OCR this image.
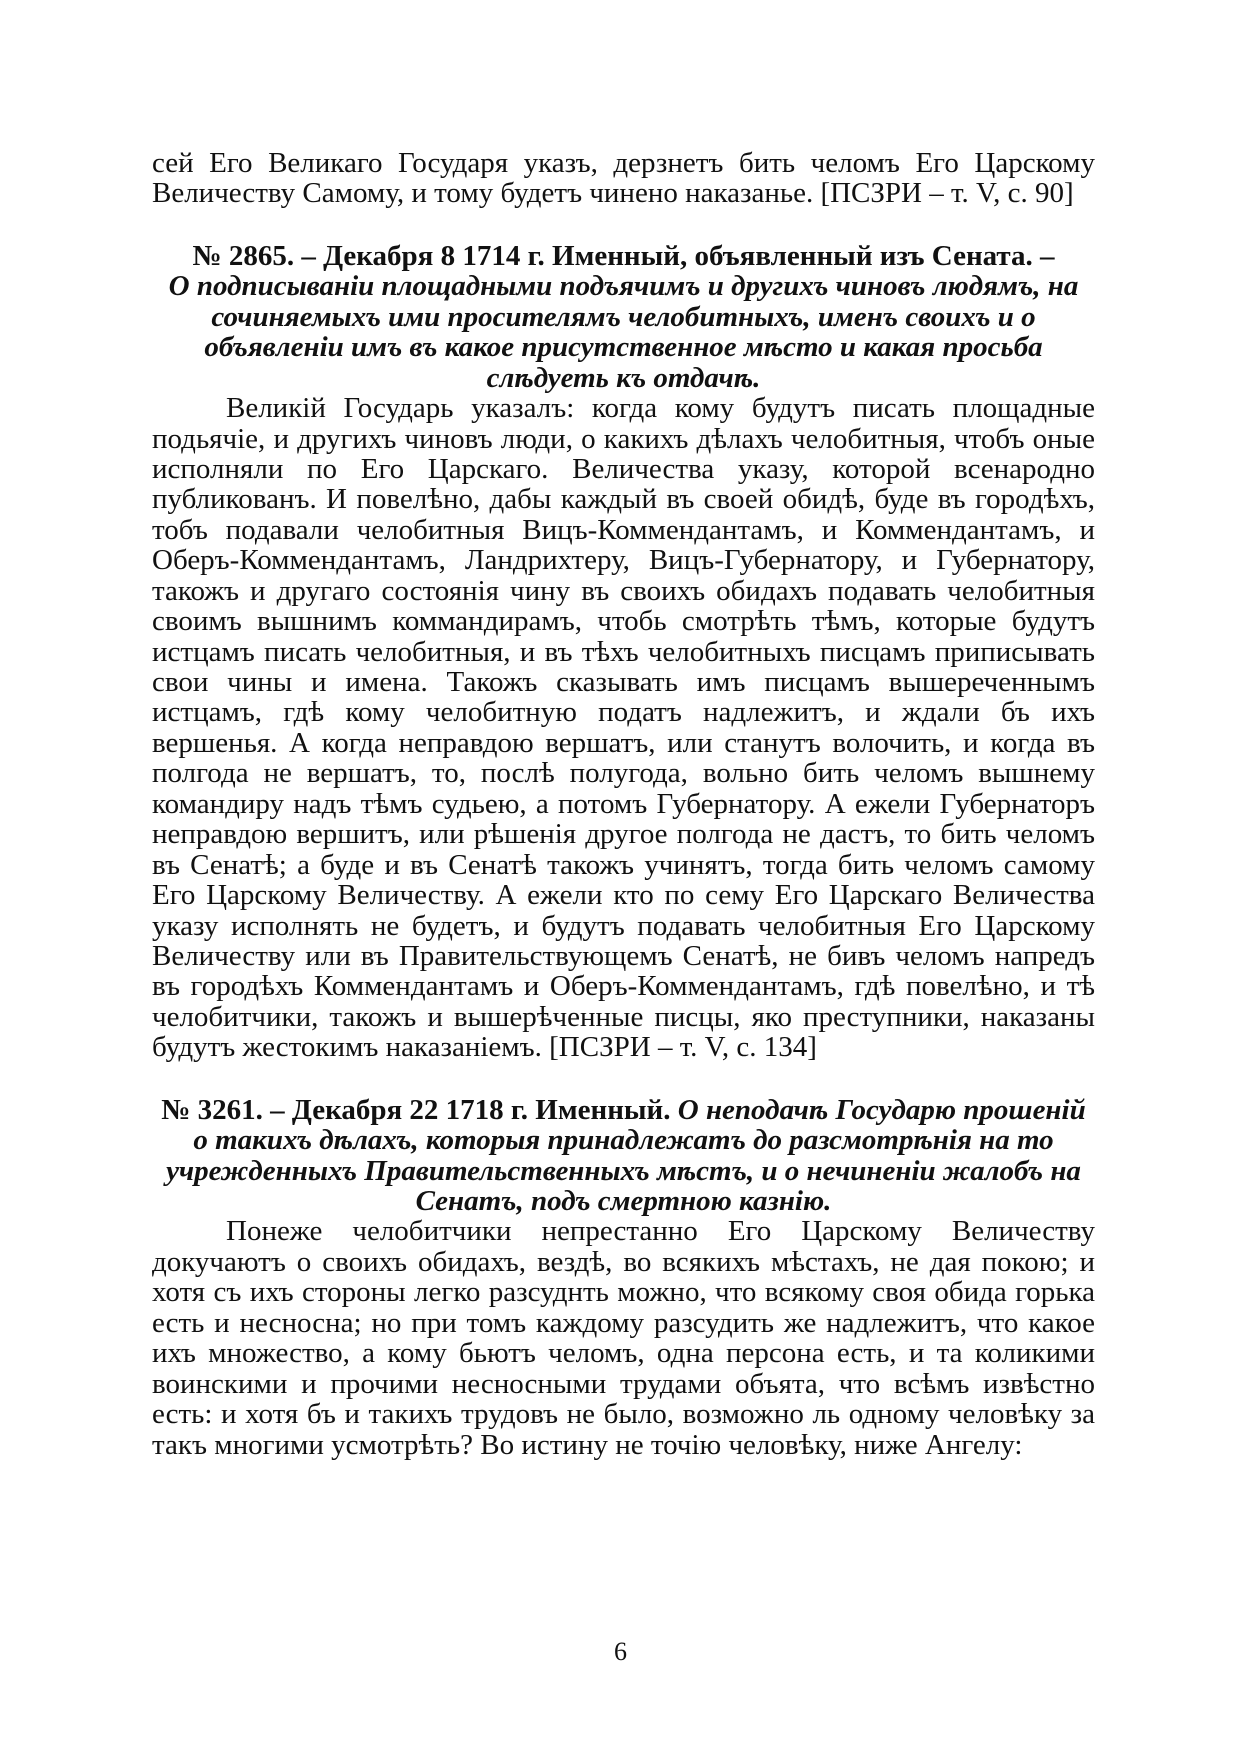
сей Его Великаго Государя указъ, дерзнетъ бить челомъ Его Царскому Величеству Самому, и тому будетъ чинено наказанье. [ПСЗРИ – т. V, с. 90]

№ 2865. – Декабря 8 1714 г. Именный, объявленный изъ Сената. –
О подписываніи площадными подъячимъ и другихъ чиновъ людямъ, на сочиняемыхъ ими просителямъ челобитныхъ, именъ своихъ и о объявленіи имъ въ какое присутственное мѣсто и какая просьба слѣдуеть къ отдачѣ.

Великій Государь указалъ: когда кому будутъ писать площадные подьячіе, и другихъ чиновъ люди, о какихъ дѣлахъ челобитныя, чтобъ оные исполняли по Его Царскаго. Величества указу, которой всенародно публикованъ. И повелѣно, дабы каждый въ своей обидѣ, буде въ городѣхъ, тобъ подавали челобитныя Вицъ-Коммендантамъ, и Коммендантамъ, и Оберъ-Коммендантамъ, Ландрихтеру, Вицъ-Губернатору, и Губернатору, такожъ и другаго состоянія чину въ своихъ обидахъ подавать челобитныя своимъ вышнимъ коммандирамъ, чтобь смотрѣть тѣмъ, которые будутъ истцамъ писать челобитныя, и въ тѣхъ челобитныхъ писцамъ приписывать свои чины и имена. Такожъ сказывать имъ писцамъ вышереченнымъ истцамъ, гдѣ кому челобитную податъ надлежитъ, и ждали бъ ихъ вершенья. А когда неправдою вершатъ, или станутъ волочить, и когда въ полгода не вершатъ, то, послѣ полугода, вольно бить челомъ вышнему командиру надъ тѣмъ судьею, а потомъ Губернатору. А ежели Губернаторъ неправдою вершитъ, или рѣшенія другое полгода не дастъ, то бить челомъ въ Сенатѣ; а буде и въ Сенатѣ такожъ учинятъ, тогда бить челомъ самому Его Царскому Величеству. А ежели кто по сему Его Царскаго Величества указу исполнять не будетъ, и будутъ подавать челобитныя Его Царскому Величеству или въ Правительствующемъ Сенатѣ, не бивъ челомъ напредъ въ городѣхъ Коммендантамъ и Оберъ-Коммендантамъ, гдѣ повелѣно, и тѣ челобитчики, такожъ и вышерѣченные писцы, яко преступники, наказаны будутъ жестокимъ наказаніемъ. [ПСЗРИ – т. V, с. 134]

№ 3261. – Декабря 22 1718 г. Именный. О неподачѣ Государю прошеній о такихъ дѣлахъ, которыя принадлежатъ до разсмотрѣнія на то учрежденныхъ Правительственныхъ мѣстъ, и о нечиненіи жалобъ на Сенатъ, подъ смертною казнію.

Понеже челобитчики непрестанно Его Царскому Величеству докучаютъ о своихъ обидахъ, вездѣ, во всякихъ мѣстахъ, не дая покою; и хотя съ ихъ стороны легко разсуднть можно, что всякому своя обида горька есть и несносна; но при томъ каждому разсудить же надлежитъ, что какое ихъ множество, а кому бьютъ челомъ, одна персона есть, и та коликими воинскими и прочими несносными трудами объята, что всѣмъ извѣстно есть: и хотя бъ и такихъ трудовъ не было, возможно ль одному человѣку за такъ многими усмотрѣть? Во истину не точію человѣку, ниже Ангелу:

6
